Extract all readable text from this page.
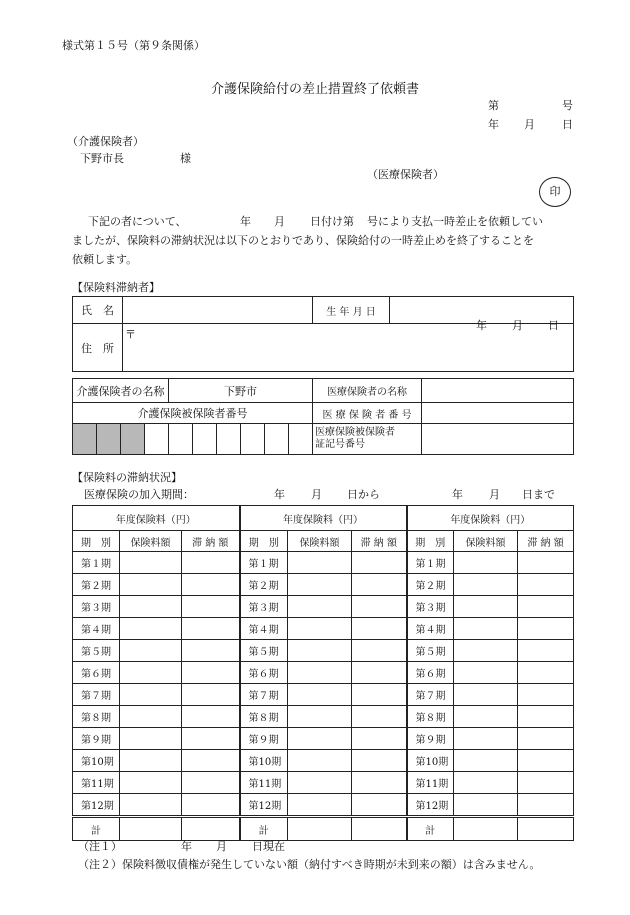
様式第１５号（第９条関係）
介護保険給付の差止措置終了依頼書
第	号
年 月 日
（介護保険者）
下野市長	様
（医療保険者）
印
下記の者について、	年 月 日付け第 号により支払一時差止を依頼してい
ましたが、保険料の滞納状況は以下のとおりであり、保険給付の一時差止めを終了することを
依頼します。
【保険料滞納者】
氏　名		生 年 月 日	年 月 日

住　所	〒		
介護保険者の名称				下野市						医療保険者の名称	
介護保険被保険者番号										医 療 保 険 者 番 号	
										医療保険被保険者
証記号番号	
【保険料の滞納状況】
医療保険の加入期間：	年 月 日から	年 月 日まで
年度保険料（円）			年度保険料（円）			年度保険料（円）		
期　別	保険料額	滞 納 額	期　別	保険料額	滞 納 額	期　別	保険料額	滞 納 額
第１期			第１期			第１期		
第２期			第２期			第２期		
第３期			第３期			第３期		
第４期			第４期			第４期		
第５期			第５期			第５期		
第６期			第６期			第６期		
第７期			第７期			第７期		
第８期			第８期			第８期		
第９期			第９期			第９期		
第10期			第10期			第10期		
第11期			第11期			第11期		
第12期			第12期			第12期		
計			計			計		
（注１）	年 月 日現在
（注２）保険料徴収債権が発生していない額（納付すべき時期が未到来の額）は含みません。
